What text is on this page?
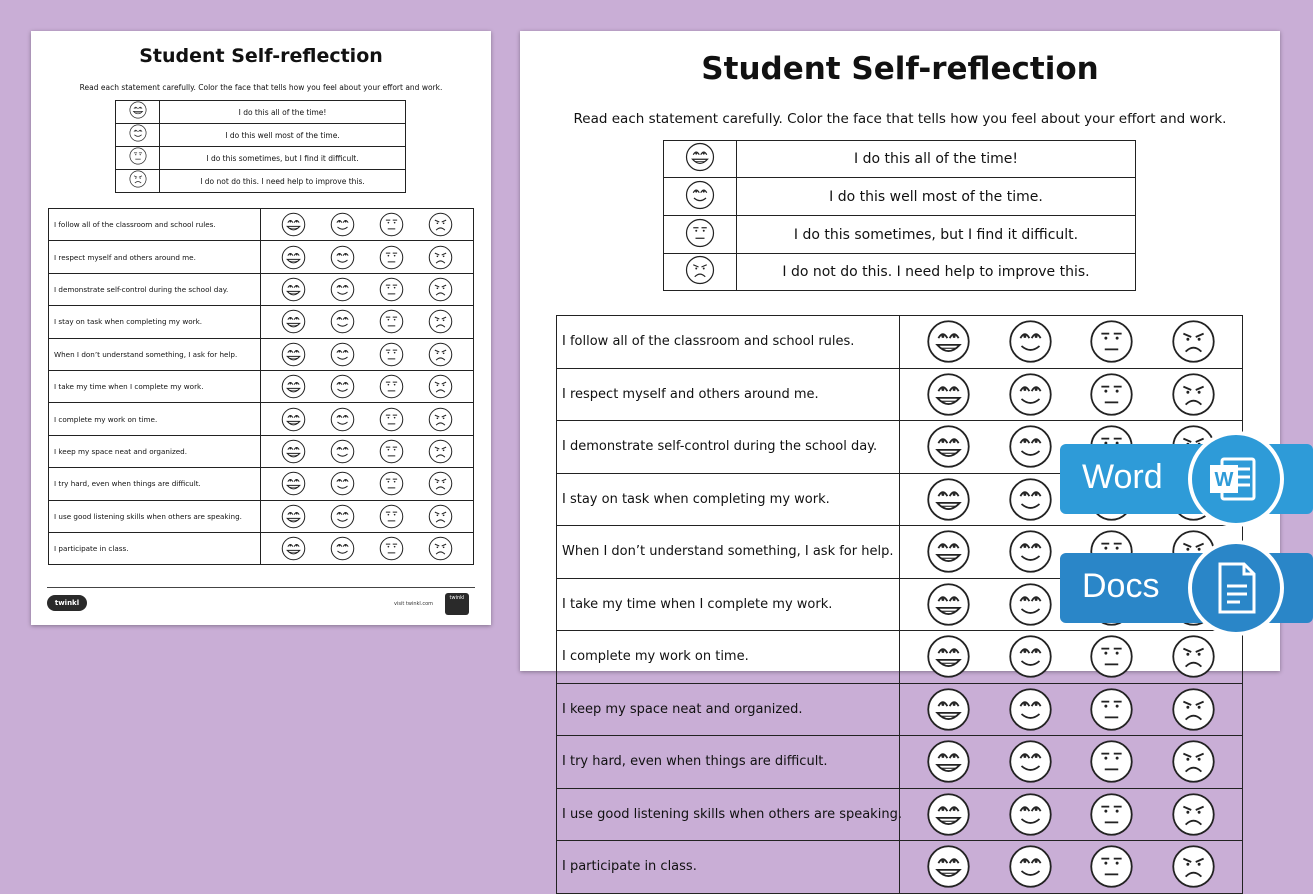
Student Self-reflection
Read each statement carefully. Color the face that tells how you feel about your effort and work.
	I do this all of the time!

	I do this well most of the time.

	I do this sometimes, but I find it difficult.

	I do not do this. I need help to improve this.
I follow all of the classroom and school rules.	

I respect myself and others around me.	

I demonstrate self-control during the school day.	

I stay on task when completing my work.	

When I don’t understand something, I ask for help.	

I take my time when I complete my work.	

I complete my work on time.	

I keep my space neat and organized.	

I try hard, even when things are difficult.	

I use good listening skills when others are speaking.	

I participate in class.	
twinkl	visit twinkl.com
twinkl
Student Self-reflection
Read each statement carefully. Color the face that tells how you feel about your effort and work.
	I do this all of the time!

	I do this well most of the time.

	I do this sometimes, but I find it difficult.

	I do not do this. I need help to improve this.
I follow all of the classroom and school rules.	

I respect myself and others around me.	

I demonstrate self-control during the school day.	

I stay on task when completing my work.	

When I don’t understand something, I ask for help.	

I take my time when I complete my work.	

I complete my work on time.	

I keep my space neat and organized.	

I try hard, even when things are difficult.	

I use good listening skills when others are speaking.	

I participate in class.	
Word	W
Docs
